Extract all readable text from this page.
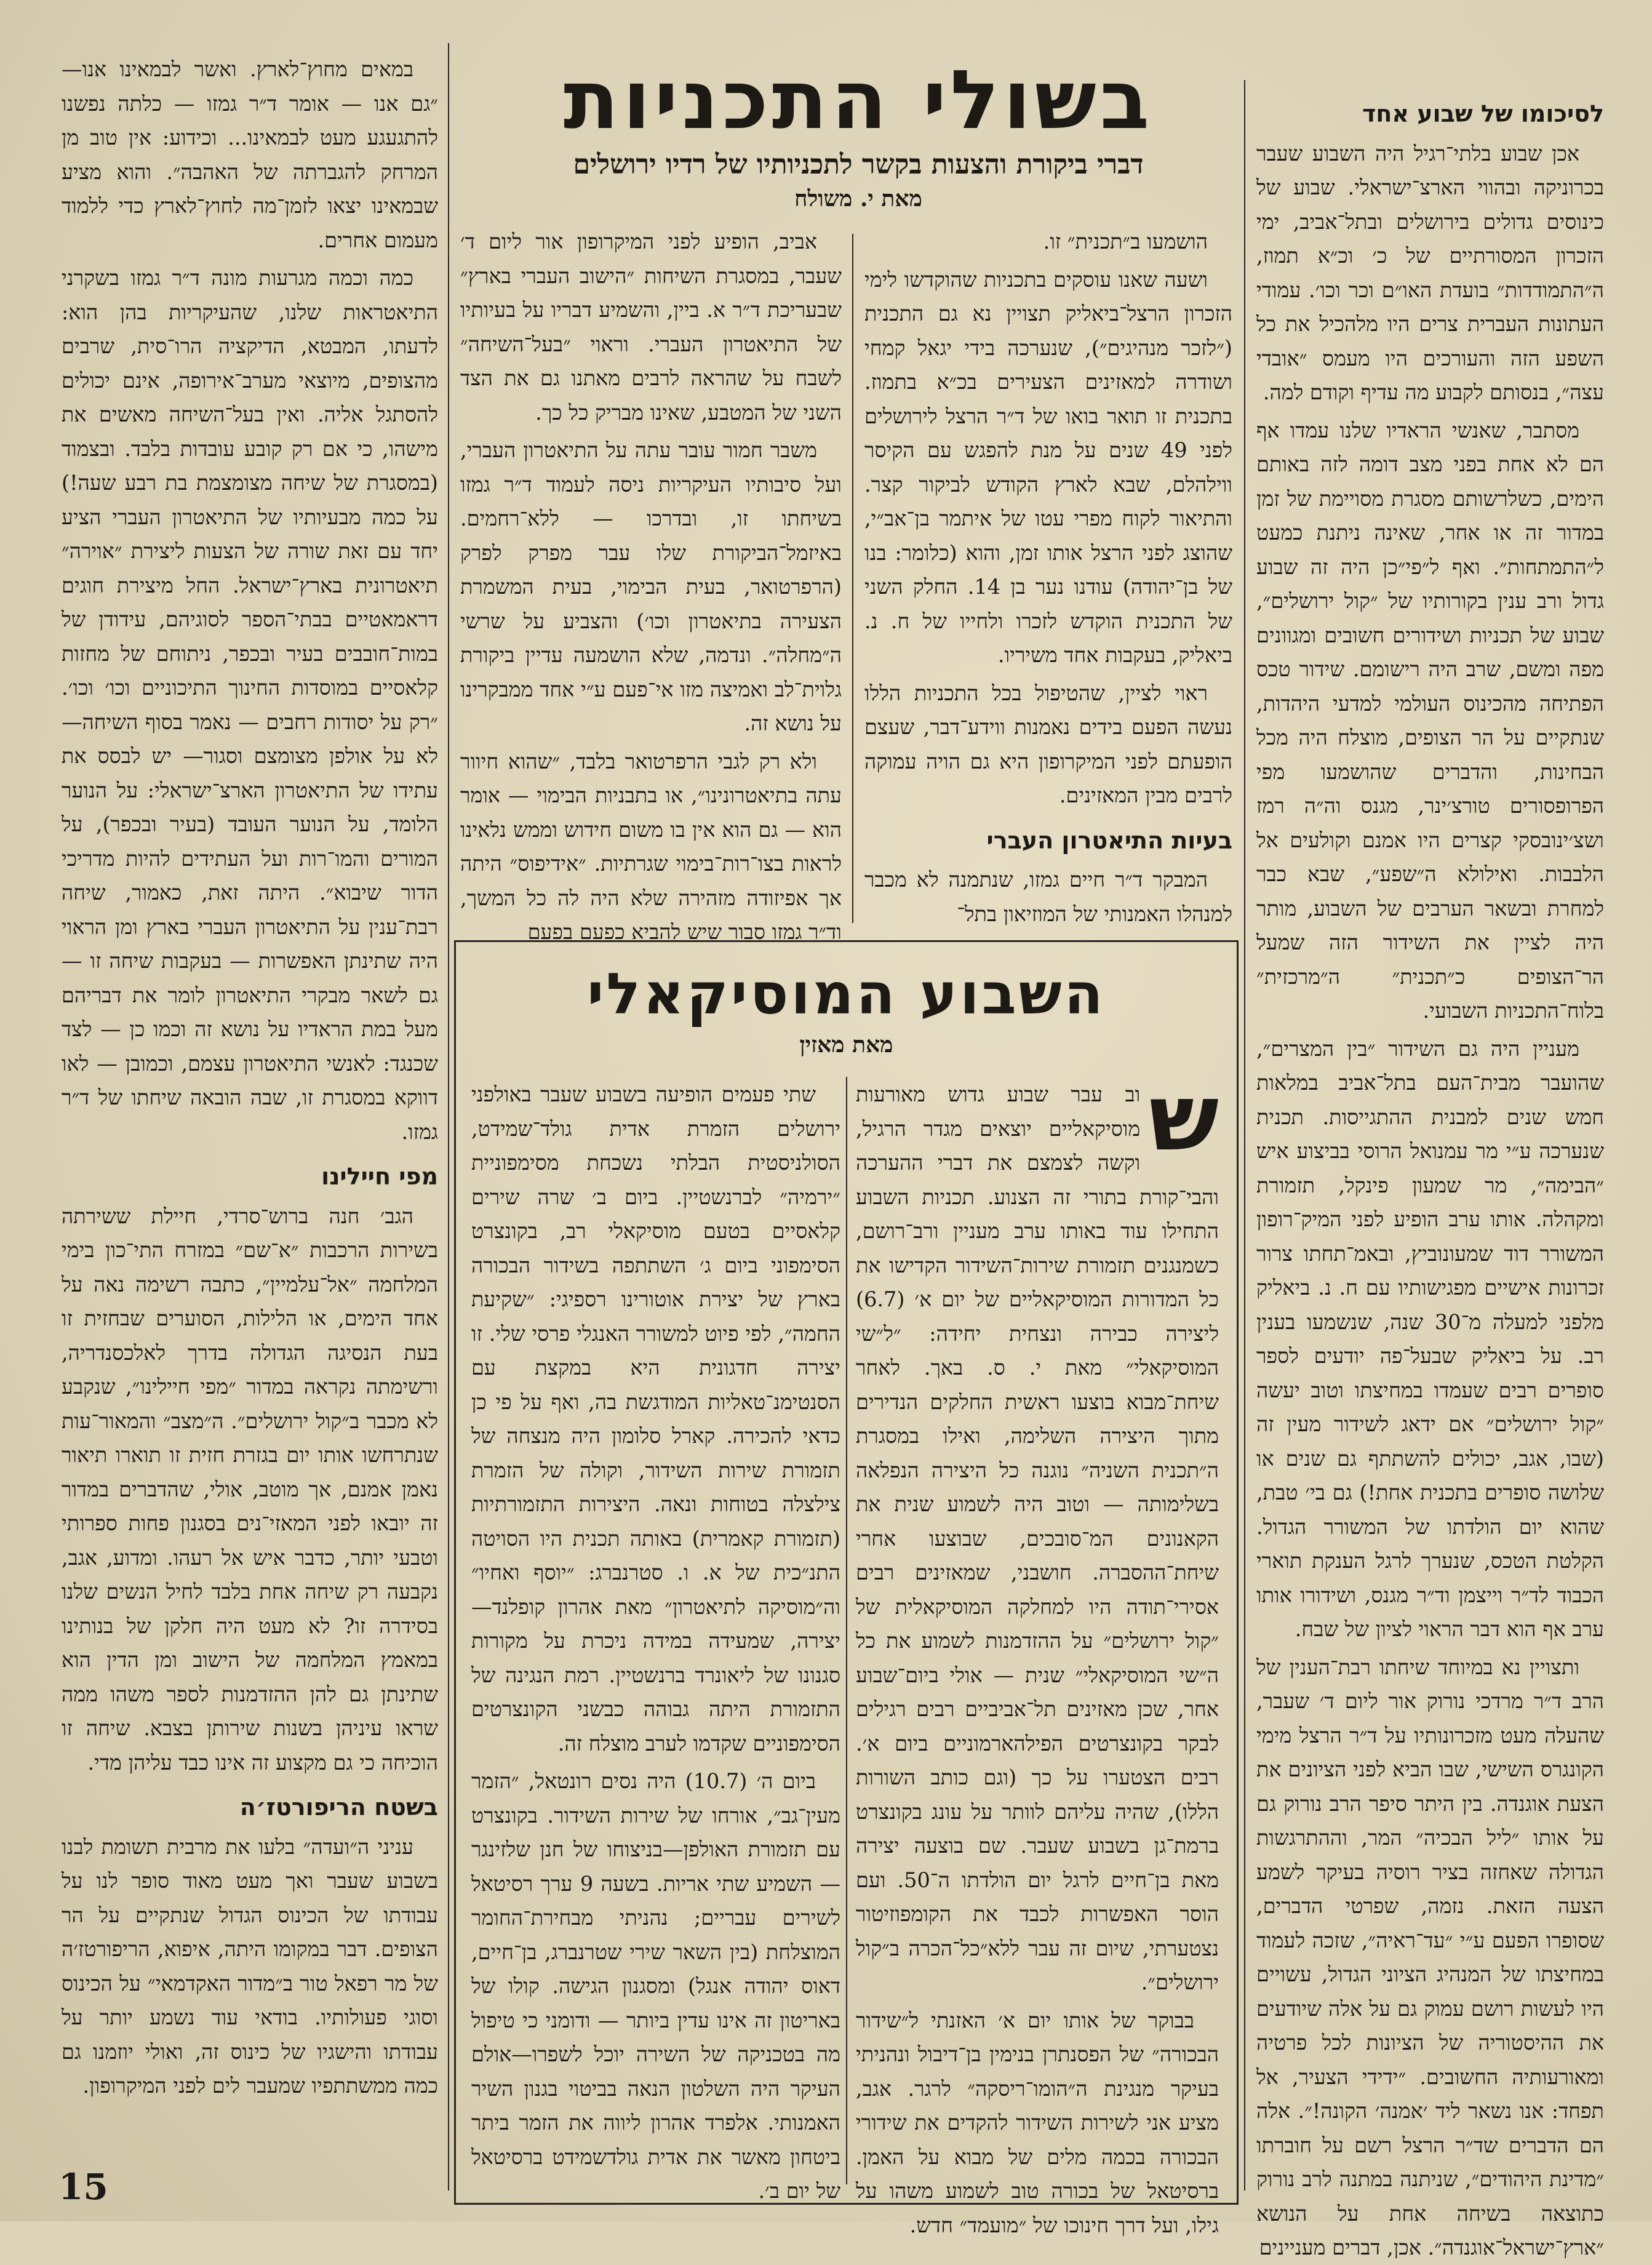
לסיכומו של שבוע אחד

אכן שבוע בלתי־רגיל היה השבוע שעבר בכרוניקה ובהווי הארצ־ישראלי. שבוע של כינוסים גדולים בירושלים ובתל־אביב, ימי הזכרון המסורתיים של כ׳ וכ״א תמוז, ה״התמודדות״ בועדת האו״ם וכר וכו׳. עמודי העתונות העברית צרים היו מלהכיל את כל השפע הזה והעורכים היו מעמס ״אובדי עצה״, בנסותם לקבוע מה עדיף וקודם למה.

מסתבר, שאנשי הראדיו שלנו עמדו אף הם לא אחת בפני מצב דומה לזה באותם הימים, כשלרשותם מסגרת מסויימת של זמן במדור זה או אחר, שאינה ניתנת כמעט ל״התמתחות״. ואף ל״פי״כן היה זה שבוע גדול ורב ענין בקורותיו של ״קול ירושלים״, שבוע של תכניות ושידורים חשובים ומגוונים מפה ומשם, שרב היה רישומם. שידור טכס הפתיחה מהכינוס העולמי למדעי היהדות, שנתקיים על הר הצופים, מוצלח היה מכל הבחינות, והדברים שהושמעו מפי הפרופסורים טורצ׳ינר, מגנס וה״ה רמז ושצ׳ינובסקי קצרים היו אמנם וקולעים אל הלבבות. ואילולא ה״שפע״, שבא כבר למחרת ובשאר הערבים של השבוע, מותר היה לציין את השידור הזה שמעל הר־הצופים כ״תכנית״ ה״מרכזית״ בלוח־התכניות השבועי.

מעניין היה גם השידור ״בין המצרים״, שהועבר מבית־העם בתל־אביב במלאות חמש שנים למבנית ההתגייסות. תכנית שנערכה ע״י מר עמנואל הרוסי בביצוע איש ״הבימה״, מר שמעון פינקל, תזמורת ומקהלה. אותו ערב הופיע לפני המיק־רופון המשורר דוד שמעונוביץ, ובאמ־תחתו צרור זכרונות אישיים מפגישותיו עם ח. נ. ביאליק מלפני למעלה מ־30 שנה, שנשמעו בענין רב. על ביאליק שבעל־פה יודעים לספר סופרים רבים שעמדו במחיצתו וטוב יעשה ״קול ירושלים״ אם ידאג לשידור מעין זה (שבו, אגב, יכולים להשתתף גם שנים או שלושה סופרים בתכנית אחת!) גם בי׳ טבת, שהוא יום הולדתו של המשורר הגדול. הקלטת הטכס, שנערך לרגל הענקת תוארי הכבוד לד״ר וייצמן וד״ר מגנס, ושידורו אותו ערב אף הוא דבר הראוי לציון של שבח.

ותצויין נא במיוחד שיחתו רבת־הענין של הרב ד״ר מרדכי נורוק אור ליום ד׳ שעבר, שהעלה מעט מזכרונותיו על ד״ר הרצל מימי הקונגרס השישי, שבו הביא לפני הציונים את הצעת אוגנדה. בין היתר סיפר הרב נורוק גם על אותו ״ליל הבכיה״ המר, וההתרגשות הגדולה שאחזה בציר רוסיה בעיקר לשמע הצעה הזאת. נזמה, שפרטי הדברים, שסופרו הפעם ע״י ״עד־ראיה״, שזכה לעמוד במחיצתו של המנהיג הציוני הגדול, עשויים היו לעשות רושם עמוק גם על אלה שיודעים את ההיסטוריה של הציונות לכל פרטיה ומאורעותיה החשובים. ״ידידי הצעיר, אל תפחד: אנו נשאר ליד ׳אמנה׳ הקונה!״. אלה הם הדברים שד״ר הרצל רשם על חוברתו ״מדינת היהודים״, שניתנה במתנה לרב נורוק כתוצאה בשיחה אחת על הנושא ״ארץ־ישראל־אוגנדה״. אכן, דברים מעניינים

בשולי התכניות
דברי ביקורת והצעות בקשר לתכניותיו של רדיו ירושלים
מאת י. משולח

הושמעו ב״תכנית״ זו.

ושעה שאנו עוסקים בתכניות שהוקדשו לימי הזכרון הרצל־ביאליק תצויין נא גם התכנית (״לזכר מנהיגים״), שנערכה בידי יגאל קמחי ושודרה למאזינים הצעירים בכ״א בתמוז. בתכנית זו תואר בואו של ד״ר הרצל לירושלים לפני 49 שנים על מנת להפגש עם הקיסר ווילהלם, שבא לארץ הקודש לביקור קצר. והתיאור לקוח מפרי עטו של איתמר בן־אב״י, שהוצג לפני הרצל אותו זמן, והוא (כלומר: בנו של בן־יהודה) עודנו נער בן 14. החלק השני של התכנית הוקדש לזכרו ולחייו של ח. נ. ביאליק, בעקבות אחד משיריו.

ראוי לציין, שהטיפול בכל התכניות הללו נעשה הפעם בידים נאמנות ווידע־דבר, שעצם הופעתם לפני המיקרופון היא גם הויה עמוקה לרבים מבין המאזינים.

בעיות התיאטרון העברי

המבקר ד״ר חיים גמזו, שנתמנה לא מכבר למנהלו האמנותי של המוזיאון בתל־

אביב, הופיע לפני המיקרופון אור ליום ד׳ שעבר, במסגרת השיחות ״הישוב העברי בארץ״ שבעריכת ד״ר א. ביין, והשמיע דבריו על בעיותיו של התיאטרון העברי. וראוי ״בעל־השיחה״ לשבח על שהראה לרבים מאתנו גם את הצד השני של המטבע, שאינו מבריק כל כך.

משבר חמור עובר עתה על התיאטרון העברי, ועל סיבותיו העיקריות ניסה לעמוד ד״ר גמזו בשיחתו זו, ובדרכו — ללא־רחמים. באיזמל־הביקורת שלו עבר מפרק לפרק (הרפרטואר, בעית הבימוי, בעית המשמרת הצעירה בתיאטרון וכו׳) והצביע על שרשי ה״מחלה״. ונדמה, שלא הושמעה עדיין ביקורת גלוית־לב ואמיצה מזו אי־פעם ע״י אחד ממבקרינו על נושא זה.

ולא רק לגבי הרפרטואר בלבד, ״שהוא חיוור עתה בתיאטרונינו״, או בתבניות הבימוי — אומר הוא — גם הוא אין בו משום חידוש וממש נלאינו לראות בצו־רות־בימוי שגרתיות. ״אידיפוס״ היתה אך אפיזודה מזהירה שלא היה לה כל המשך, וד״ר גמזו סבור שיש להביא כפעם בפעם

במאים מחוץ־לארץ. ואשר לבמאינו אנו— ״גם אנו — אומר ד״ר גמזו — כלתה נפשנו להתגעגע מעט לבמאינו... וכידוע: אין טוב מן המרחק להגברתה של האהבה״. והוא מציע שבמאינו יצאו לזמן־מה לחוץ־לארץ כדי ללמוד מעמום אחרים.

כמה וכמה מגרעות מונה ד״ר גמזו בשקרני התיאטראות שלנו, שהעיקריות בהן הוא: לדעתו, המבטא, הדיקציה הרו־סית, שרבים מהצופים, מיוצאי מערב־אירופה, אינם יכולים להסתגל אליה. ואין בעל־השיחה מאשים את מישהו, כי אם רק קובע עובדות בלבד. ובצמוד (במסגרת של שיחה מצומצמת בת רבע שעה!) על כמה מבעיותיו של התיאטרון העברי הציע יחד עם זאת שורה של הצעות ליצירת ״אוירה״ תיאטרונית בארץ־ישראל. החל מיצירת חוגים דראמאטיים בבתי־הספר לסוגיהם, עידודן של במות־חובבים בעיר ובכפר, ניתוחם של מחזות קלאסיים במוסדות החינוך התיכוניים וכו׳ וכו׳. ״רק על יסודות רחבים — נאמר בסוף השיחה—לא על אולפן מצומצם וסגור— יש לבסס את עתידו של התיאטרון הארצ־ישראלי: על הנוער הלומד, על הנוער העובד (בעיר ובכפר), על המורים והמו־רות ועל העתידים להיות מדריכי הדור שיבוא״. היתה זאת, כאמור, שיחה רבת־ענין על התיאטרון העברי בארץ ומן הראוי היה שתינתן האפשרות — בעקבות שיחה זו — גם לשאר מבקרי התיאטרון לומר את דבריהם מעל במת הראדיו על נושא זה וכמו כן — לצד שכנגד: לאנשי התיאטרון עצמם, וכמובן — לאו דווקא במסגרת זו, שבה הובאה שיחתו של ד״ר גמזו.

מפי חיילינו

הגב׳ חנה ברוש־סרדי, חיילת ששירתה בשירות הרכבות ״א־שם״ במזרח התי־כון בימי המלחמה ״אל־עלמיין״, כתבה רשימה נאה על אחד הימים, או הלילות, הסוערים שבחזית זו בעת הנסיגה הגדולה בדרך לאלכסנדריה, ורשימתה נקראה במדור ״מפי חיילינו״, שנקבע לא מכבר ב״קול ירושלים״. ה״מצב״ והמאור־עות שנתרחשו אותו יום בגזרת חזית זו תוארו תיאור נאמן אמנם, אך מוטב, אולי, שהדברים במדור זה יובאו לפני המאזי־נים בסגנון פחות ספרותי וטבעי יותר, כדבר איש אל רעהו. ומדוע, אגב, נקבעה רק שיחה אחת בלבד לחיל הנשים שלנו בסידרה זו? לא מעט היה חלקן של בנותינו במאמץ המלחמה של הישוב ומן הדין הוא שתינתן גם להן ההזדמנות לספר משהו ממה שראו עיניהן בשנות שירותן בצבא. שיחה זו הוכיחה כי גם מקצוע זה אינו כבד עליהן מדי.

בשטח הריפורטז׳ה

עניני ה״ועדה״ בלעו את מרבית תשומת לבנו בשבוע שעבר ואך מעט מאוד סופר לנו על עבודתו של הכינוס הגדול שנתקיים על הר הצופים. דבר במקומו היתה, איפוא, הריפורטז׳ה של מר רפאל טור ב״מדור האקדמאי״ על הכינוס וסוגי פעולותיו. בודאי עוד נשמע יותר על עבודתו והישגיו של כינוס זה, ואולי יוזמנו גם כמה ממשתתפיו שמעבר לים לפני המיקרופון.

השבוע המוסיקאלי
מאת מאזין

ש
וב עבר שבוע גדוש מאורעות מוסיקאליים יוצאים מגדר הרגיל, וקשה לצמצם את דברי ההערכה והבי־קורת בתורי זה הצנוע. תכניות השבוע התחילו עוד באותו ערב מעניין ורב־רושם, כשמנגנים תזמורת שירות־השידור הקדישו את כל המדורות המוסיקאליים של יום א׳ (6.7) ליצירה כבירה ונצחית יחידה: ״ל״שי המוסיקאלי״ מאת י. ס. באך. לאחר שיחת־מבוא בוצעו ראשית החלקים הנדירים מתוך היצירה השלימה, ואילו במסגרת ה״תכנית השניה״ נוגנה כל היצירה הנפלאה בשלימותה — וטוב היה לשמוע שנית את הקאנונים המ־סובכים, שבוצעו אחרי שיחת־ההסברה. חושבני, שמאזינים רבים אסירי־תודה היו למחלקה המוסיקאלית של ״קול ירושלים״ על ההזדמנות לשמוע את כל ה״שי המוסיקאלי״ שנית — אולי ביום־שבוע אחר, שכן מאזינים תל־אביביים רבים רגילים לבקר בקונצרטים הפילהארמוניים ביום א׳. רבים הצטערו על כך (וגם כותב השורות הללו), שהיה עליהם לוותר על עונג בקונצרט ברמת־גן בשבוע שעבר. שם בוצעה יצירה מאת בן־חיים לרגל יום הולדתו ה־50. ועם הוסר האפשרות לכבד את הקומפוזיטור נצטערתי, שיום זה עבר ללא״כל־הכרה ב״קול ירושלים״.

בבוקר של אותו יום א׳ האזנתי ל״שידור הבכורה״ של הפסנתרן בנימין בן־דיבול ונהניתי בעיקר מנגינת ה״הומו־ריסקה״ לרגר. אגב, מציע אני לשירות השידור להקדים את שידורי הבכורה בכמה מלים של מבוא על האמן. ברסיטאל של בכורה טוב לשמוע משהו על גילו, ועל דרך חינוכו של ״מועמד״ חדש.

שתי פעמים הופיעה בשבוע שעבר באולפני ירושלים הזמרת אדית גולד־שמידט, הסולניסטית הבלתי נשכחת מסימפוניית ״ירמיה״ לברנשטיין. ביום ב׳ שרה שירים קלאסיים בטעם מוסיקאלי רב, בקונצרט הסימפוני ביום ג׳ השתתפה בשידור הבכורה בארץ של יצירת אוטורינו רספיגי: ״שקיעת החמה״, לפי פיוט למשורר האנגלי פרסי שלי. זו יצירה חדגונית היא במקצת עם הסנטימנ־טאליות המודגשת בה, ואף על פי כן כדאי להכירה. קארל סלומון היה מנצחה של תזמורת שירות השידור, וקולה של הזמרת צילצלה בטוחות ונאה. היצירות התזמורתיות (תזמורת קאמרית) באותה תכנית היו הסויטה התנ״כית של א. ו. סטרנברג: ״יוסף ואחיו״ וה״מוסיקה לתיאטרון״ מאת אהרון קופלנד—יצירה, שמעידה במידה ניכרת על מקורות סגנונו של ליאונרד ברנשטיין. רמת הנגינה של התזמורת היתה גבוהה כבשני הקונצרטים הסימפוניים שקדמו לערב מוצלח זה.

ביום ה׳ (10.7) היה נסים רונטאל, ״הזמר מעין־גב״, אורחו של שירות השידור. בקונצרט עם תזמורת האולפן—בניצוחו של חנן שלזינגר — השמיע שתי אריות. בשעה 9 ערך רסיטאל לשירים עבריים; נהניתי מבחירת־החומר המוצלחת (בין השאר שירי שטרנברג, בן־חיים, דאוס יהודה אנגל) ומסגנון הגישה. קולו של באריטון זה אינו עדין ביותר — ודומני כי טיפול מה בטכניקה של השירה יוכל לשפרו—אולם העיקר היה השלטון הנאה בביטוי בגנון השיר האמנותי. אלפרד אהרון ליווה את הזמר ביתר ביטחון מאשר את אדית גולדשמידט ברסיטאל של יום ב׳.

15
